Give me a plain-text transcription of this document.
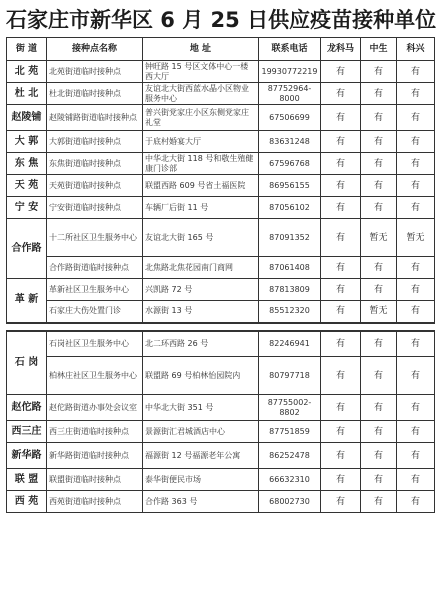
石家庄市新华区 6 月 25 日供应疫苗接种单位
街 道	接种点名称	地 址	联系电话	龙科马	中生	科兴
北 苑	北苑街道临时接种点	钟旺路 15 号区文体中心一楼西大厅	19930772219	有	有	有
杜 北	杜北街道临时接种点	友谊北大街西蓝水晶小区物业服务中心	87752964-8000	有	有	有
赵陵铺	赵陵铺路街道临时接种点	普兴街党家庄小区东侧党家庄礼堂	67506699	有	有	有
大 郭	大郭街道临时接种点	于底村婚宴大厅	83631248	有	有	有
东 焦	东焦街道临时接种点	中华北大街 118 号和敬生殖健康门诊部	67596768	有	有	有
天 苑	天苑街道临时接种点	联盟西路 609 号省土福医院	86956155	有	有	有
宁 安	宁安街道临时接种点	车辆厂后街 11 号	87056102	有	有	有
合作路	十二所社区卫生服务中心	友谊北大街 165 号	87091352	有	暂无	暂无
	合作路街道临时接种点	北焦路北焦花园南门商网	87061408	有	有	有
革 新	革新社区卫生服务中心	兴凯路 72 号	87813809	有	有	有
	石家庄大伤处置门诊	水源街 13 号	85512320	有	暂无	有

石 岗	石岗社区卫生服务中心	北二环西路 26 号	82246941	有	有	有
	柏林庄社区卫生服务中心	联盟路 69 号柏林怡园院内	80797718	有	有	有
赵佗路	赵佗路街道办事处会议室	中华北大街 351 号	87755002-8802	有	有	有
西三庄	西三庄街道临时接种点	景源街汇君城酒店中心	87751859	有	有	有
新华路	新华路街道临时接种点	福源街 12 号福源老年公寓	86252478	有	有	有
联 盟	联盟街道临时接种点	泰华街便民市场	66632310	有	有	有
西 苑	西苑街道临时接种点	合作路 363 号	68002730	有	有	有
